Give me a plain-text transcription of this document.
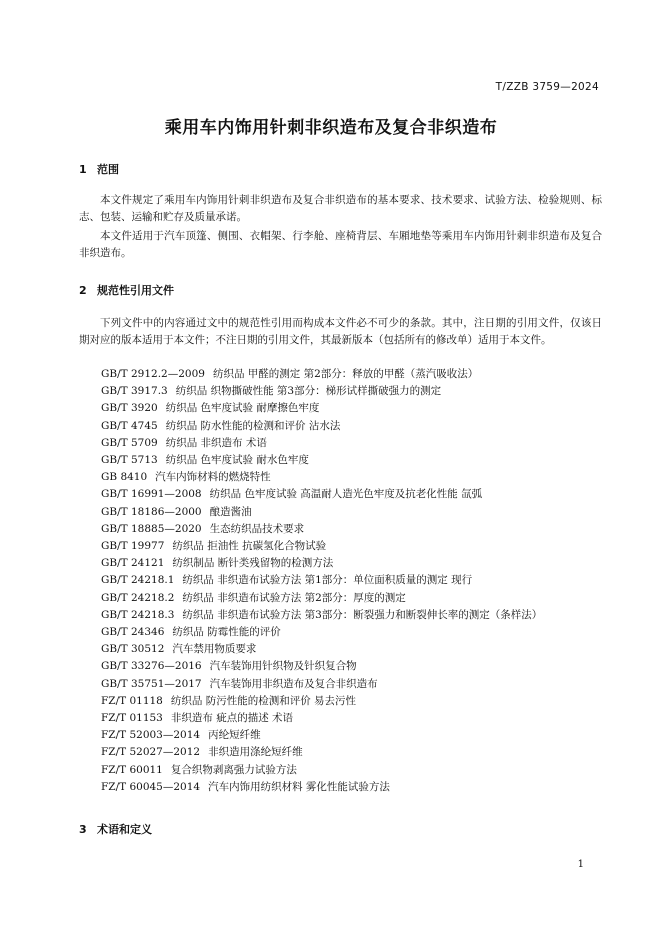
T/ZZB 3759—2024
乘用车内饰用针刺非织造布及复合非织造布
1 范围

本文件规定了乘用车内饰用针刺非织造布及复合非织造布的基本要求、技术要求、试验方法、检验规则、标志、包装、运输和贮存及质量承诺。

本文件适用于汽车顶篷、侧围、衣帽架、行李舱、座椅背层、车厢地垫等乘用车内饰用针刺非织造布及复合非织造布。

2 规范性引用文件

下列文件中的内容通过文中的规范性引用而构成本文件必不可少的条款。其中，注日期的引用文件，仅该日期对应的版本适用于本文件；不注日期的引用文件，其最新版本（包括所有的修改单）适用于本文件。

GB/T 2912.2—2009 纺织品 甲醛的测定 第2部分：释放的甲醛（蒸汽吸收法）
GB/T 3917.3 纺织品 织物撕破性能 第3部分：梯形试样撕破强力的测定
GB/T 3920 纺织品 色牢度试验 耐摩擦色牢度
GB/T 4745 纺织品 防水性能的检测和评价 沾水法
GB/T 5709 纺织品 非织造布 术语
GB/T 5713 纺织品 色牢度试验 耐水色牢度
GB 8410 汽车内饰材料的燃烧特性
GB/T 16991—2008 纺织品 色牢度试验 高温耐人造光色牢度及抗老化性能 氙弧
GB/T 18186—2000 酿造酱油
GB/T 18885—2020 生态纺织品技术要求
GB/T 19977 纺织品 拒油性 抗碳氢化合物试验
GB/T 24121 纺织制品 断针类残留物的检测方法
GB/T 24218.1 纺织品 非织造布试验方法 第1部分：单位面积质量的测定 现行
GB/T 24218.2 纺织品 非织造布试验方法 第2部分：厚度的测定
GB/T 24218.3 纺织品 非织造布试验方法 第3部分：断裂强力和断裂伸长率的测定（条样法）
GB/T 24346 纺织品 防霉性能的评价
GB/T 30512 汽车禁用物质要求
GB/T 33276—2016 汽车装饰用针织物及针织复合物
GB/T 35751—2017 汽车装饰用非织造布及复合非织造布
FZ/T 01118 纺织品 防污性能的检测和评价 易去污性
FZ/T 01153 非织造布 疵点的描述 术语
FZ/T 52003—2014 丙纶短纤维
FZ/T 52027—2012 非织造用涤纶短纤维
FZ/T 60011 复合织物剥离强力试验方法
FZ/T 60045—2014 汽车内饰用纺织材料 雾化性能试验方法
3 术语和定义
1
